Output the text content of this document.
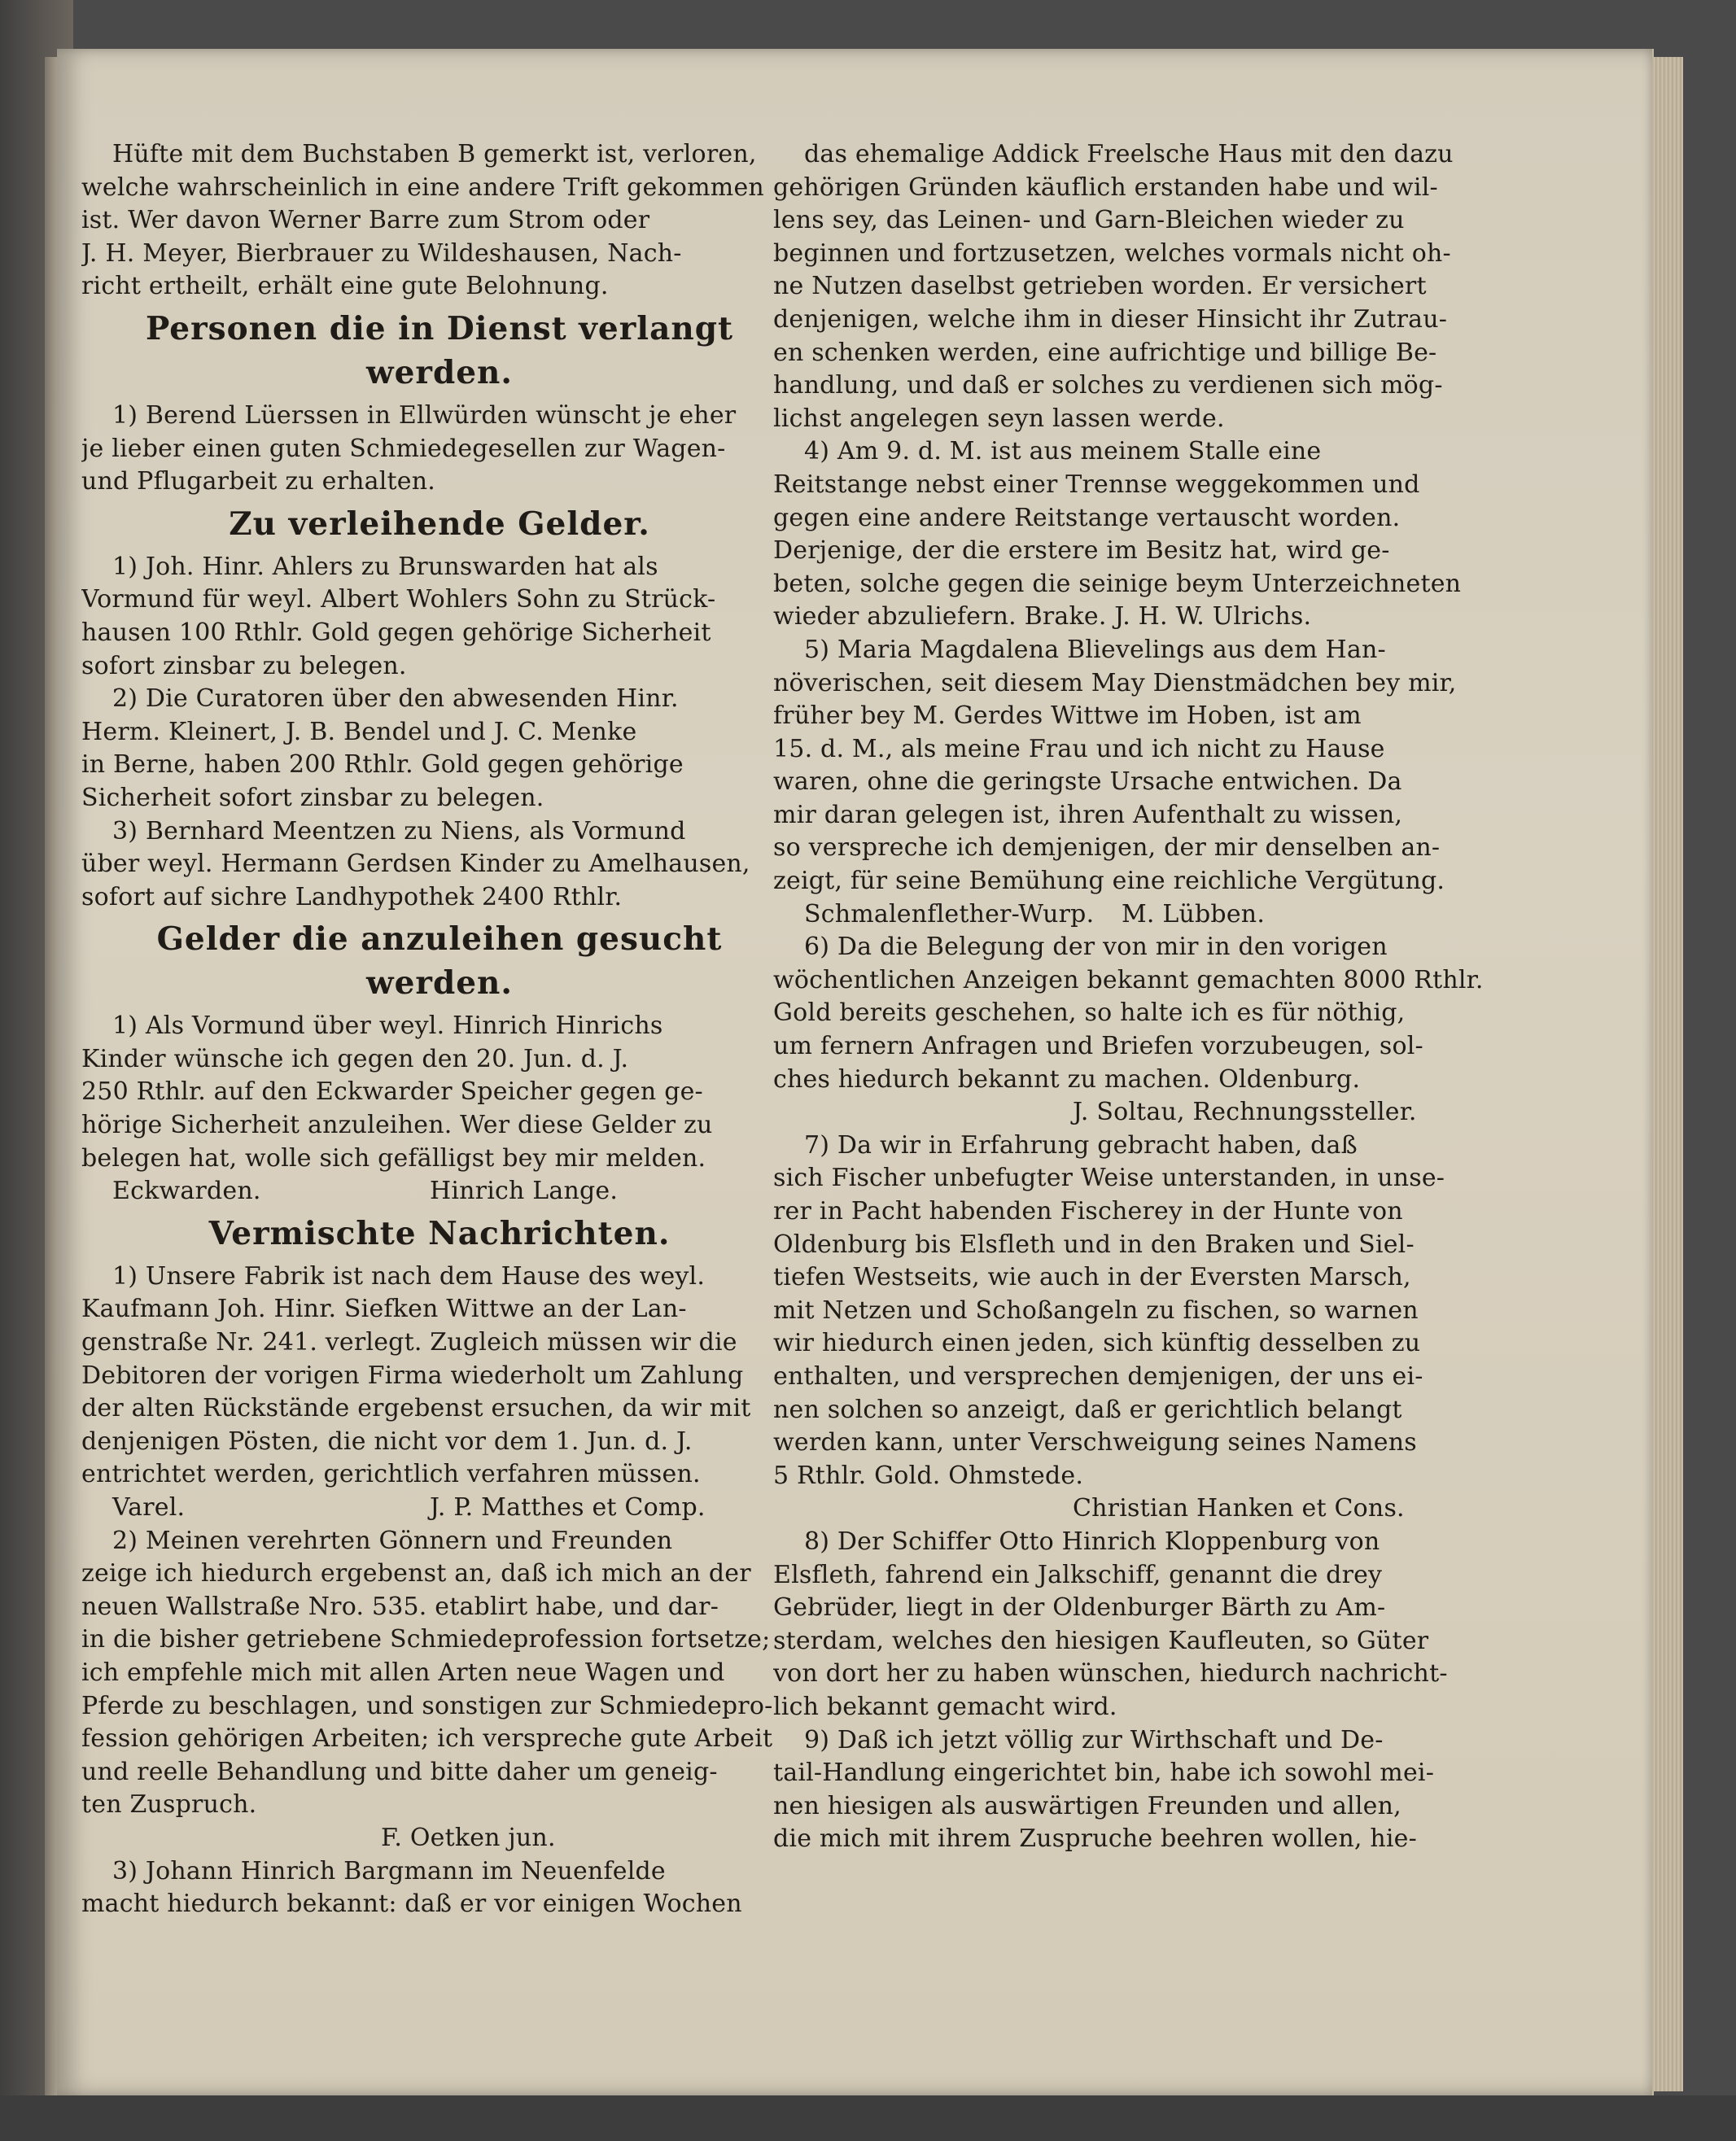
Hüfte mit dem Buchstaben B gemerkt ist, verloren,
welche wahrscheinlich in eine andere Trift gekommen
ist. Wer davon Werner Barre zum Strom oder
J. H. Meyer, Bierbrauer zu Wildeshausen, Nach-
richt ertheilt, erhält eine gute Belohnung.
Personen die in Dienst verlangt werden.
1) Berend Lüerssen in Ellwürden wünscht je eher
je lieber einen guten Schmiedegesellen zur Wagen-
und Pflugarbeit zu erhalten.
Zu verleihende Gelder.
1) Joh. Hinr. Ahlers zu Brunswarden hat als
Vormund für weyl. Albert Wohlers Sohn zu Strück-
hausen 100 Rthlr. Gold gegen gehörige Sicherheit
sofort zinsbar zu belegen.
2) Die Curatoren über den abwesenden Hinr.
Herm. Kleinert, J. B. Bendel und J. C. Menke
in Berne, haben 200 Rthlr. Gold gegen gehörige
Sicherheit sofort zinsbar zu belegen.
3) Bernhard Meentzen zu Niens, als Vormund
über weyl. Hermann Gerdsen Kinder zu Amelhausen,
sofort auf sichre Landhypothek 2400 Rthlr.
Gelder die anzuleihen gesucht werden.
1) Als Vormund über weyl. Hinrich Hinrichs
Kinder wünsche ich gegen den 20. Jun. d. J.
250 Rthlr. auf den Eckwarder Speicher gegen ge-
hörige Sicherheit anzuleihen. Wer diese Gelder zu
belegen hat, wolle sich gefälligst bey mir melden.
Eckwarden.	Hinrich Lange.
Vermischte Nachrichten.
1) Unsere Fabrik ist nach dem Hause des weyl.
Kaufmann Joh. Hinr. Siefken Wittwe an der Lan-
genstraße Nr. 241. verlegt. Zugleich müssen wir die
Debitoren der vorigen Firma wiederholt um Zahlung
der alten Rückstände ergebenst ersuchen, da wir mit
denjenigen Pösten, die nicht vor dem 1. Jun. d. J.
entrichtet werden, gerichtlich verfahren müssen.
Varel.	J. P. Matthes et Comp.
2) Meinen verehrten Gönnern und Freunden
zeige ich hiedurch ergebenst an, daß ich mich an der
neuen Wallstraße Nro. 535. etablirt habe, und dar-
in die bisher getriebene Schmiedeprofession fortsetze;
ich empfehle mich mit allen Arten neue Wagen und
Pferde zu beschlagen, und sonstigen zur Schmiedepro-
fession gehörigen Arbeiten; ich verspreche gute Arbeit
und reelle Behandlung und bitte daher um geneig-
ten Zuspruch.
F. Oetken jun.
3) Johann Hinrich Bargmann im Neuenfelde
macht hiedurch bekannt: daß er vor einigen Wochen
das ehemalige Addick Freelsche Haus mit den dazu
gehörigen Gründen käuflich erstanden habe und wil-
lens sey, das Leinen- und Garn-Bleichen wieder zu
beginnen und fortzusetzen, welches vormals nicht oh-
ne Nutzen daselbst getrieben worden. Er versichert
denjenigen, welche ihm in dieser Hinsicht ihr Zutrau-
en schenken werden, eine aufrichtige und billige Be-
handlung, und daß er solches zu verdienen sich mög-
lichst angelegen seyn lassen werde.
4) Am 9. d. M. ist aus meinem Stalle eine
Reitstange nebst einer Trennse weggekommen und
gegen eine andere Reitstange vertauscht worden.
Derjenige, der die erstere im Besitz hat, wird ge-
beten, solche gegen die seinige beym Unterzeichneten
wieder abzuliefern. Brake. J. H. W. Ulrichs.
5) Maria Magdalena Blievelings aus dem Han-
növerischen, seit diesem May Dienstmädchen bey mir,
früher bey M. Gerdes Wittwe im Hoben, ist am
15. d. M., als meine Frau und ich nicht zu Hause
waren, ohne die geringste Ursache entwichen. Da
mir daran gelegen ist, ihren Aufenthalt zu wissen,
so verspreche ich demjenigen, der mir denselben an-
zeigt, für seine Bemühung eine reichliche Vergütung.
Schmalenflether-Wurp. M. Lübben.
6) Da die Belegung der von mir in den vorigen
wöchentlichen Anzeigen bekannt gemachten 8000 Rthlr.
Gold bereits geschehen, so halte ich es für nöthig,
um fernern Anfragen und Briefen vorzubeugen, sol-
ches hiedurch bekannt zu machen. Oldenburg.
J. Soltau, Rechnungssteller.
7) Da wir in Erfahrung gebracht haben, daß
sich Fischer unbefugter Weise unterstanden, in unse-
rer in Pacht habenden Fischerey in der Hunte von
Oldenburg bis Elsfleth und in den Braken und Siel-
tiefen Westseits, wie auch in der Eversten Marsch,
mit Netzen und Schoßangeln zu fischen, so warnen
wir hiedurch einen jeden, sich künftig desselben zu
enthalten, und versprechen demjenigen, der uns ei-
nen solchen so anzeigt, daß er gerichtlich belangt
werden kann, unter Verschweigung seines Namens
5 Rthlr. Gold. Ohmstede.
Christian Hanken et Cons.
8) Der Schiffer Otto Hinrich Kloppenburg von
Elsfleth, fahrend ein Jalkschiff, genannt die drey
Gebrüder, liegt in der Oldenburger Bärth zu Am-
sterdam, welches den hiesigen Kaufleuten, so Güter
von dort her zu haben wünschen, hiedurch nachricht-
lich bekannt gemacht wird.
9) Daß ich jetzt völlig zur Wirthschaft und De-
tail-Handlung eingerichtet bin, habe ich sowohl mei-
nen hiesigen als auswärtigen Freunden und allen,
die mich mit ihrem Zuspruche beehren wollen, hie-
